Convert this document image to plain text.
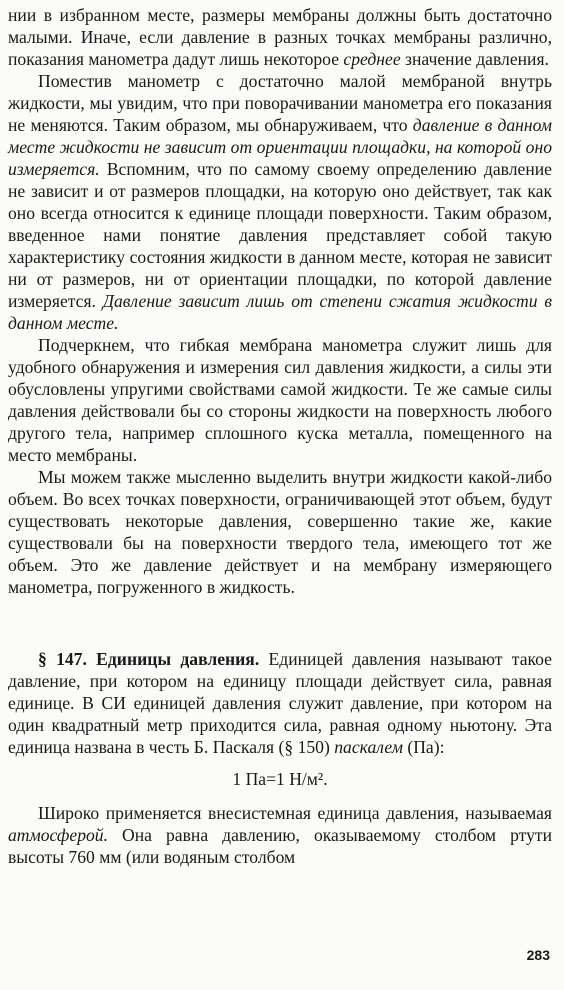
нии в избранном месте, размеры мембраны должны быть достаточно малыми. Иначе, если давление в разных точках мембраны различно, показания манометра дадут лишь некоторое среднее значение давления.

Поместив манометр с достаточно малой мембраной внутрь жидкости, мы увидим, что при поворачивании манометра его показания не меняются. Таким образом, мы обнаруживаем, что давление в данном месте жидкости не зависит от ориентации площадки, на которой оно измеряется. Вспомним, что по самому своему определению давление не зависит и от размеров площадки, на которую оно действует, так как оно всегда относится к единице площади поверхности. Таким образом, введенное нами понятие давления представляет собой такую характеристику состояния жидкости в данном месте, которая не зависит ни от размеров, ни от ориентации площадки, по которой давление измеряется. Давление зависит лишь от степени сжатия жидкости в данном месте.

Подчеркнем, что гибкая мембрана манометра служит лишь для удобного обнаружения и измерения сил давления жидкости, а силы эти обусловлены упругими свойствами самой жидкости. Те же самые силы давления действовали бы со стороны жидкости на поверхность любого другого тела, например сплошного куска металла, помещенного на место мембраны.

Мы можем также мысленно выделить внутри жидкости какой-либо объем. Во всех точках поверхности, ограничивающей этот объем, будут существовать некоторые давления, совершенно такие же, какие существовали бы на поверхности твердого тела, имеющего тот же объем. Это же давление действует и на мембрану измеряющего манометра, погруженного в жидкость.

§ 147. Единицы давления. Единицей давления называют такое давление, при котором на единицу площади действует сила, равная единице. В СИ единицей давления служит давление, при котором на один квадратный метр приходится сила, равная одному ньютону. Эта единица названа в честь Б. Паскаля (§ 150) паскалем (Па):

1 Па=1 Н/м².

Широко применяется внесистемная единица давления, называемая атмосферой. Она равна давлению, оказываемому столбом ртути высоты 760 мм (или водяным столбом

283
